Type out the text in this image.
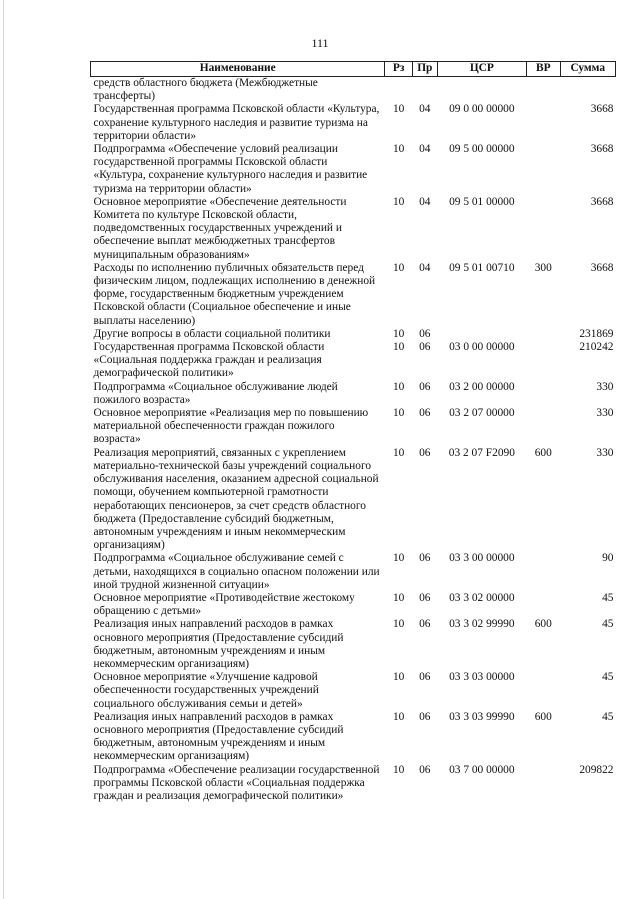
111
Наименование	Рз	Пр	ЦСР	ВР	Сумма
средств областного бюджета (Межбюджетные трансферты)					
Государственная программа Псковской области «Культура, сохранение культурного наследия и развитие туризма на территории области»	10	04	09 0 00 00000		3668
Подпрограмма «Обеспечение условий реализации государственной программы Псковской области «Культура, сохранение культурного наследия и развитие туризма на территории области»	10	04	09 5 00 00000		3668
Основное мероприятие «Обеспечение деятельности Комитета по культуре Псковской области, подведомственных государственных учреждений и обеспечение выплат межбюджетных трансфертов муниципальным образованиям»	10	04	09 5 01 00000		3668
Расходы по исполнению публичных обязательств перед физическим лицом, подлежащих исполнению в денежной форме, государственным бюджетным учреждением Псковской области (Социальное обеспечение и иные выплаты населению)	10	04	09 5 01 00710	300	3668
Другие вопросы в области социальной политики	10	06			231869
Государственная программа Псковской области «Социальная поддержка граждан и реализация демографической политики»	10	06	03 0 00 00000		210242
Подпрограмма «Социальное обслуживание людей пожилого возраста»	10	06	03 2 00 00000		330
Основное мероприятие «Реализация мер по повышению материальной обеспеченности граждан пожилого возраста»	10	06	03 2 07 00000		330
Реализация мероприятий, связанных с укреплением материально-технической базы учреждений социального обслуживания населения, оказанием адресной социальной помощи, обучением компьютерной грамотности неработающих пенсионеров, за счет средств областного бюджета (Предоставление субсидий бюджетным, автономным учреждениям и иным некоммерческим организациям)	10	06	03 2 07 F2090	600	330
Подпрограмма «Социальное обслуживание семей с детьми, находящихся в социально опасном положении или иной трудной жизненной ситуации»	10	06	03 3 00 00000		90
Основное мероприятие «Противодействие жестокому обращению с детьми»	10	06	03 3 02 00000		45
Реализация иных направлений расходов в рамках основного мероприятия (Предоставление субсидий бюджетным, автономным учреждениям и иным некоммерческим организациям)	10	06	03 3 02 99990	600	45
Основное мероприятие «Улучшение кадровой обеспеченности государственных учреждений социального обслуживания семьи и детей»	10	06	03 3 03 00000		45
Реализация иных направлений расходов в рамках основного мероприятия (Предоставление субсидий бюджетным, автономным учреждениям и иным некоммерческим организациям)	10	06	03 3 03 99990	600	45
Подпрограмма «Обеспечение реализации государственной программы Псковской области «Социальная поддержка граждан и реализация демографической политики»	10	06	03 7 00 00000		209822
